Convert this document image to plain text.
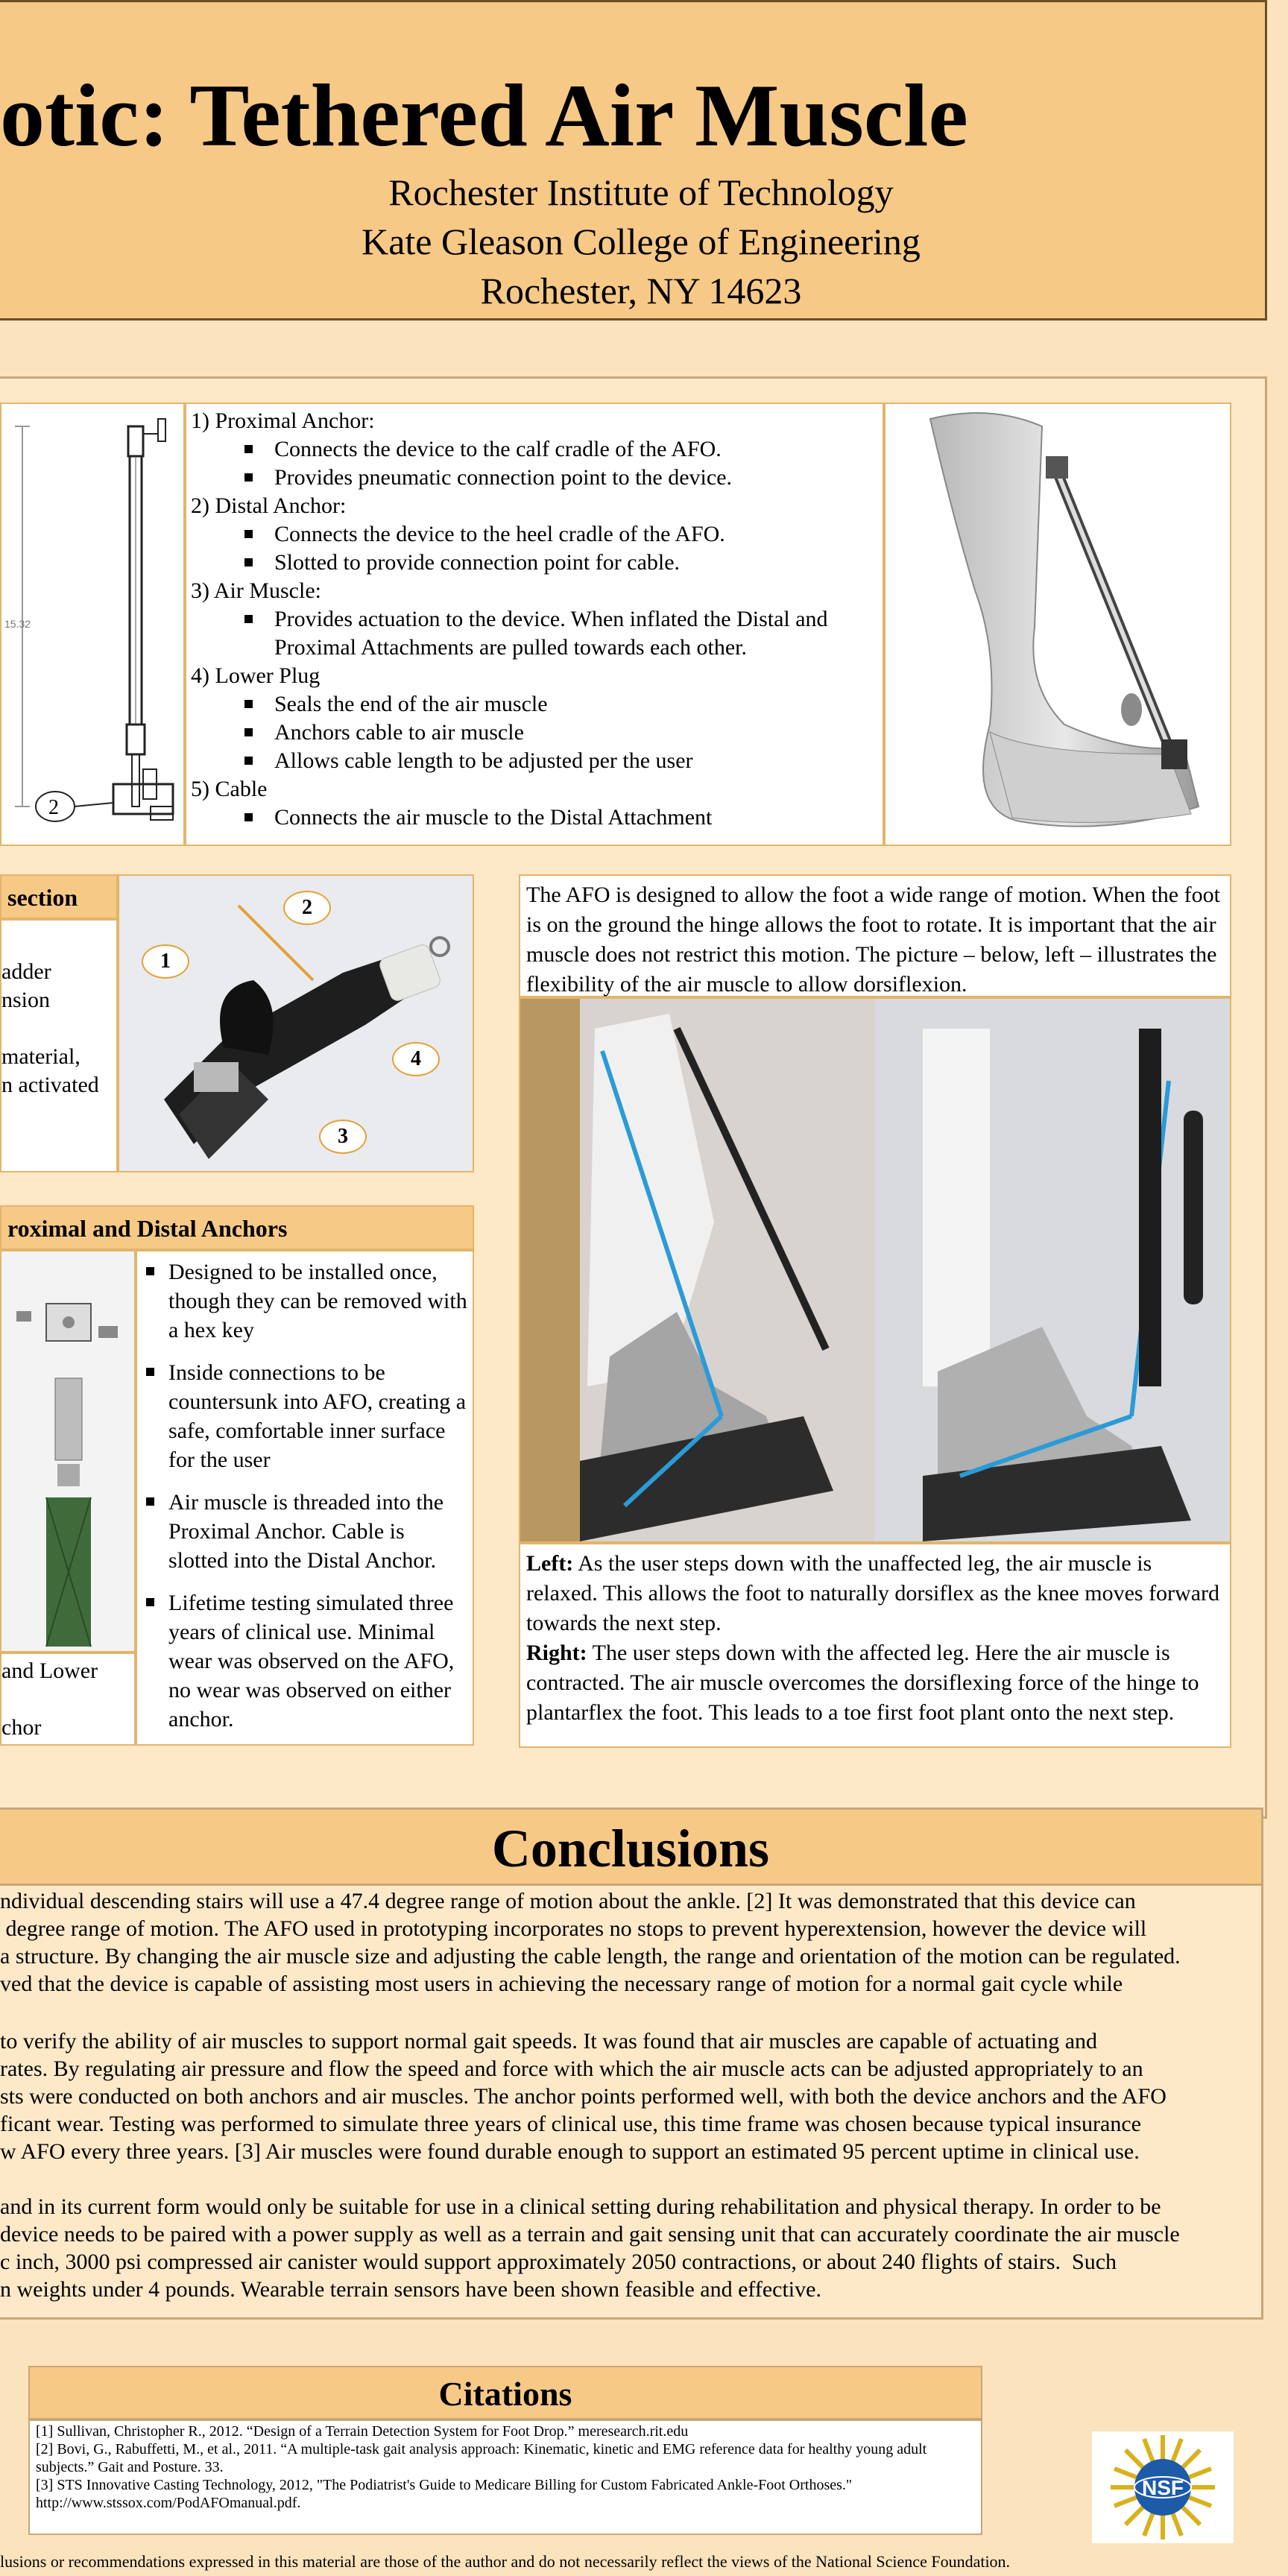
otic: Tethered Air Muscle
Rochester Institute of Technology
Kate Gleason College of Engineering
Rochester, NY 14623
15.32
2
1) Proximal Anchor:
Connects the device to the calf cradle of the AFO.
Provides pneumatic connection point to the device.
2) Distal Anchor:
Connects the device to the heel cradle of the AFO.
Slotted to provide connection point for cable.
3) Air Muscle:
Provides actuation to the device. When inflated the Distal and Proximal Attachments are pulled towards each other.
4) Lower Plug
Seals the end of the air muscle
Anchors cable to air muscle
Allows cable length to be adjusted per the user
5) Cable
Connects the air muscle to the Distal Attachment
section
adder
nsion
material,
n activated
1
2
3
4
roximal and Distal Anchors
and Lower
chor
Designed to be installed once, though they can be removed with a hex key
Inside connections to be countersunk into AFO, creating a safe, comfortable inner surface for the user
Air muscle is threaded into the Proximal Anchor. Cable is slotted into the Distal Anchor.
Lifetime testing simulated three years of clinical use. Minimal wear was observed on the AFO, no wear was observed on either anchor.
The AFO is designed to allow the foot a wide range of motion. When the foot is on the ground the hinge allows the foot to rotate. It is important that the air muscle does not restrict this motion. The picture – below, left – illustrates the flexibility of the air muscle to allow dorsiflexion.
Left: As the user steps down with the unaffected leg, the air muscle is relaxed. This allows the foot to naturally dorsiflex as the knee moves forward towards the next step.
Right: The user steps down with the affected leg. Here the air muscle is contracted. The air muscle overcomes the dorsiflexing force of the hinge to plantarflex the foot. This leads to a toe first foot plant onto the next step.
Conclusions

ndividual descending stairs will use a 47.4 degree range of motion about the ankle. [2] It was demonstrated that this device can
degree range of motion. The AFO used in prototyping incorporates no stops to prevent hyperextension, however the device will
a structure. By changing the air muscle size and adjusting the cable length, the range and orientation of the motion can be regulated.
ved that the device is capable of assisting most users in achieving the necessary range of motion for a normal gait cycle while

to verify the ability of air muscles to support normal gait speeds. It was found that air muscles are capable of actuating and
rates. By regulating air pressure and flow the speed and force with which the air muscle acts can be adjusted appropriately to an
sts were conducted on both anchors and air muscles. The anchor points performed well, with both the device anchors and the AFO
ficant wear. Testing was performed to simulate three years of clinical use, this time frame was chosen because typical insurance
w AFO every three years. [3] Air muscles were found durable enough to support an estimated 95 percent uptime in clinical use.

and in its current form would only be suitable for use in a clinical setting during rehabilitation and physical therapy. In order to be
device needs to be paired with a power supply as well as a terrain and gait sensing unit that can accurately coordinate the air muscle
c inch, 3000 psi compressed air canister would support approximately 2050 contractions, or about 240 flights of stairs.  Such
n weights under 4 pounds. Wearable terrain sensors have been shown feasible and effective.

Citations
[1] Sullivan, Christopher R., 2012. “Design of a Terrain Detection System for Foot Drop.” meresearch.rit.edu
[2] Bovi, G., Rabuffetti, M., et al., 2011. “A multiple-task gait analysis approach: Kinematic, kinetic and EMG reference data for healthy young adult subjects.” Gait and Posture. 33.
[3] STS Innovative Casting Technology, 2012, "The Podiatrist's Guide to Medicare Billing for Custom Fabricated Ankle-Foot Orthoses." http://www.stssox.com/PodAFOmanual.pdf.
NSF
lusions or recommendations expressed in this material are those of the author and do not necessarily reflect the views of the National Science Foundation.
